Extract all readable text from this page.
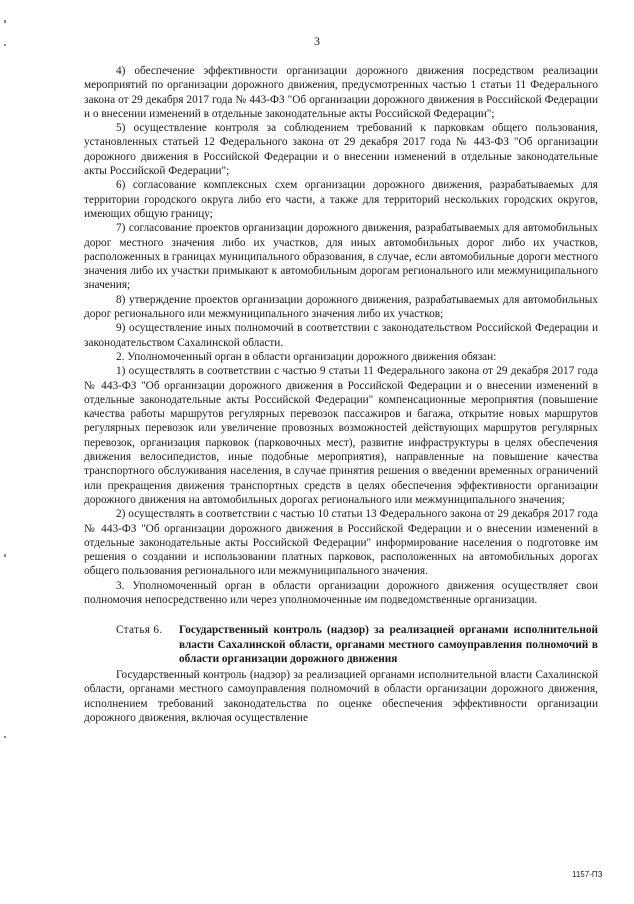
3

4) обеспечение эффективности организации дорожного движения посредством реализации мероприятий по организации дорожного движения, предусмотренных частью 1 статьи 11 Федерального закона от 29 декабря 2017 года № 443-ФЗ "Об организации дорожного движения в Российской Федерации и о внесении изменений в отдельные законодательные акты Российской Федерации";

5) осуществление контроля за соблюдением требований к парковкам общего пользования, установленных статьей 12 Федерального закона от 29 декабря 2017 года № 443-ФЗ "Об организации дорожного движения в Российской Федерации и о внесении изменений в отдельные законодательные акты Российской Федерации";

6) согласование комплексных схем организации дорожного движения, разрабатываемых для территории городского округа либо его части, а также для территорий нескольких городских округов, имеющих общую границу;

7) согласование проектов организации дорожного движения, разрабатываемых для автомобильных дорог местного значения либо их участков, для иных автомобильных дорог либо их участков, расположенных в границах муниципального образования, в случае, если автомобильные дороги местного значения либо их участки примыкают к автомобильным дорогам регионального или межмуниципального значения;

8) утверждение проектов организации дорожного движения, разрабатываемых для автомобильных дорог регионального или межмуниципального значения либо их участков;

9) осуществление иных полномочий в соответствии с законодательством Российской Федерации и законодательством Сахалинской области.

2. Уполномоченный орган в области организации дорожного движения обязан:

1) осуществлять в соответствии с частью 9 статьи 11 Федерального закона от 29 декабря 2017 года № 443-ФЗ "Об организации дорожного движения в Российской Федерации и о внесении изменений в отдельные законодательные акты Российской Федерации" компенсационные мероприятия (повышение качества работы маршрутов регулярных перевозок пассажиров и багажа, открытие новых маршрутов регулярных перевозок или увеличение провозных возможностей действующих маршрутов регулярных перевозок, организация парковок (парковочных мест), развитие инфраструктуры в целях обеспечения движения велосипедистов, иные подобные мероприятия), направленные на повышение качества транспортного обслуживания населения, в случае принятия решения о введении временных ограничений или прекращения движения транспортных средств в целях обеспечения эффективности организации дорожного движения на автомобильных дорогах регионального или межмуниципального значения;

2) осуществлять в соответствии с частью 10 статьи 13 Федерального закона от 29 декабря 2017 года № 443-ФЗ "Об организации дорожного движения в Российской Федерации и о внесении изменений в отдельные законодательные акты Российской Федерации" информирование населения о подготовке им решения о создании и использовании платных парковок, расположенных на автомобильных дорогах общего пользования регионального или межмуниципального значения.

3. Уполномоченный орган в области организации дорожного движения осуществляет свои полномочия непосредственно или через уполномоченные им подведомственные организации.

Статья 6.	Государственный контроль (надзор) за реализацией органами исполнительной власти Сахалинской области, органами местного самоуправления полномочий в области организации дорожного движения

Государственный контроль (надзор) за реализацией органами исполнительной власти Сахалинской области, органами местного самоуправления полномочий в области организации дорожного движения, исполнением требований законодательства по оценке обеспечения эффективности организации дорожного движения, включая осуществление

1157-ПЗ
